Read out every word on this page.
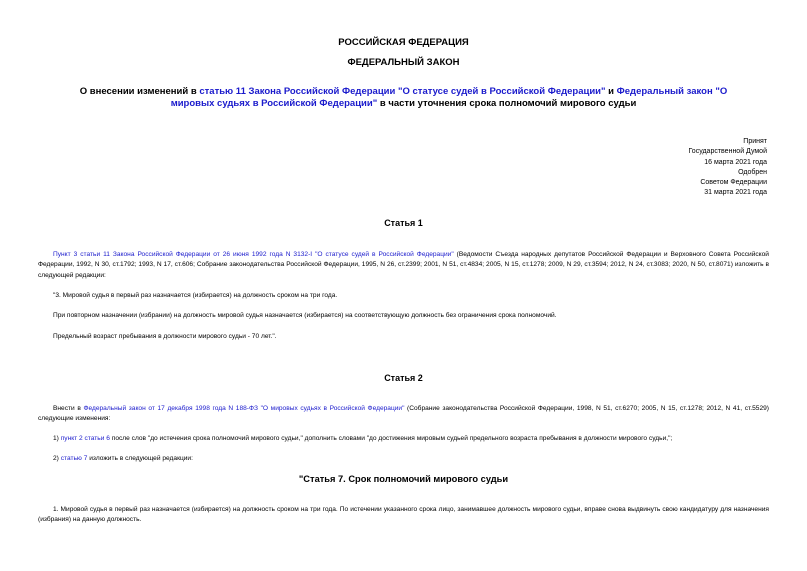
РОССИЙСКАЯ ФЕДЕРАЦИЯ
ФЕДЕРАЛЬНЫЙ ЗАКОН
О внесении изменений в статью 11 Закона Российской Федерации "О статусе судей в Российской Федерации" и Федеральный закон "О мировых судьях в Российской Федерации" в части уточнения срока полномочий мирового судьи
Принят
Государственной Думой
16 марта 2021 года
Одобрен
Советом Федерации
31 марта 2021 года
Статья 1
Пункт 3 статьи 11 Закона Российской Федерации от 26 июня 1992 года N 3132-I "О статусе судей в Российской Федерации" (Ведомости Съезда народных депутатов Российской Федерации и Верховного Совета Российской Федерации, 1992, N 30, ст.1792; 1993, N 17, ст.606; Собрание законодательства Российской Федерации, 1995, N 26, ст.2399; 2001, N 51, ст.4834; 2005, N 15, ст.1278; 2009, N 29, ст.3594; 2012, N 24, ст.3083; 2020, N 50, ст.8071) изложить в следующей редакции:
"3. Мировой судья в первый раз назначается (избирается) на должность сроком на три года.
При повторном назначении (избрании) на должность мировой судья назначается (избирается) на соответствующую должность без ограничения срока полномочий.
Предельный возраст пребывания в должности мирового судьи - 70 лет.".
Статья 2
Внести в Федеральный закон от 17 декабря 1998 года N 188-ФЗ "О мировых судьях в Российской Федерации" (Собрание законодательства Российской Федерации, 1998, N 51, ст.6270; 2005, N 15, ст.1278; 2012, N 41, ст.5529) следующие изменения:
1) пункт 2 статьи 6 после слов "до истечения срока полномочий мирового судьи," дополнить словами "до достижения мировым судьей предельного возраста пребывания в должности мирового судьи,";
2) статью 7 изложить в следующей редакции:
"Статья 7. Срок полномочий мирового судьи
1. Мировой судья в первый раз назначается (избирается) на должность сроком на три года. По истечении указанного срока лицо, занимавшее должность мирового судьи, вправе снова выдвинуть свою кандидатуру для назначения (избрания) на данную должность.
